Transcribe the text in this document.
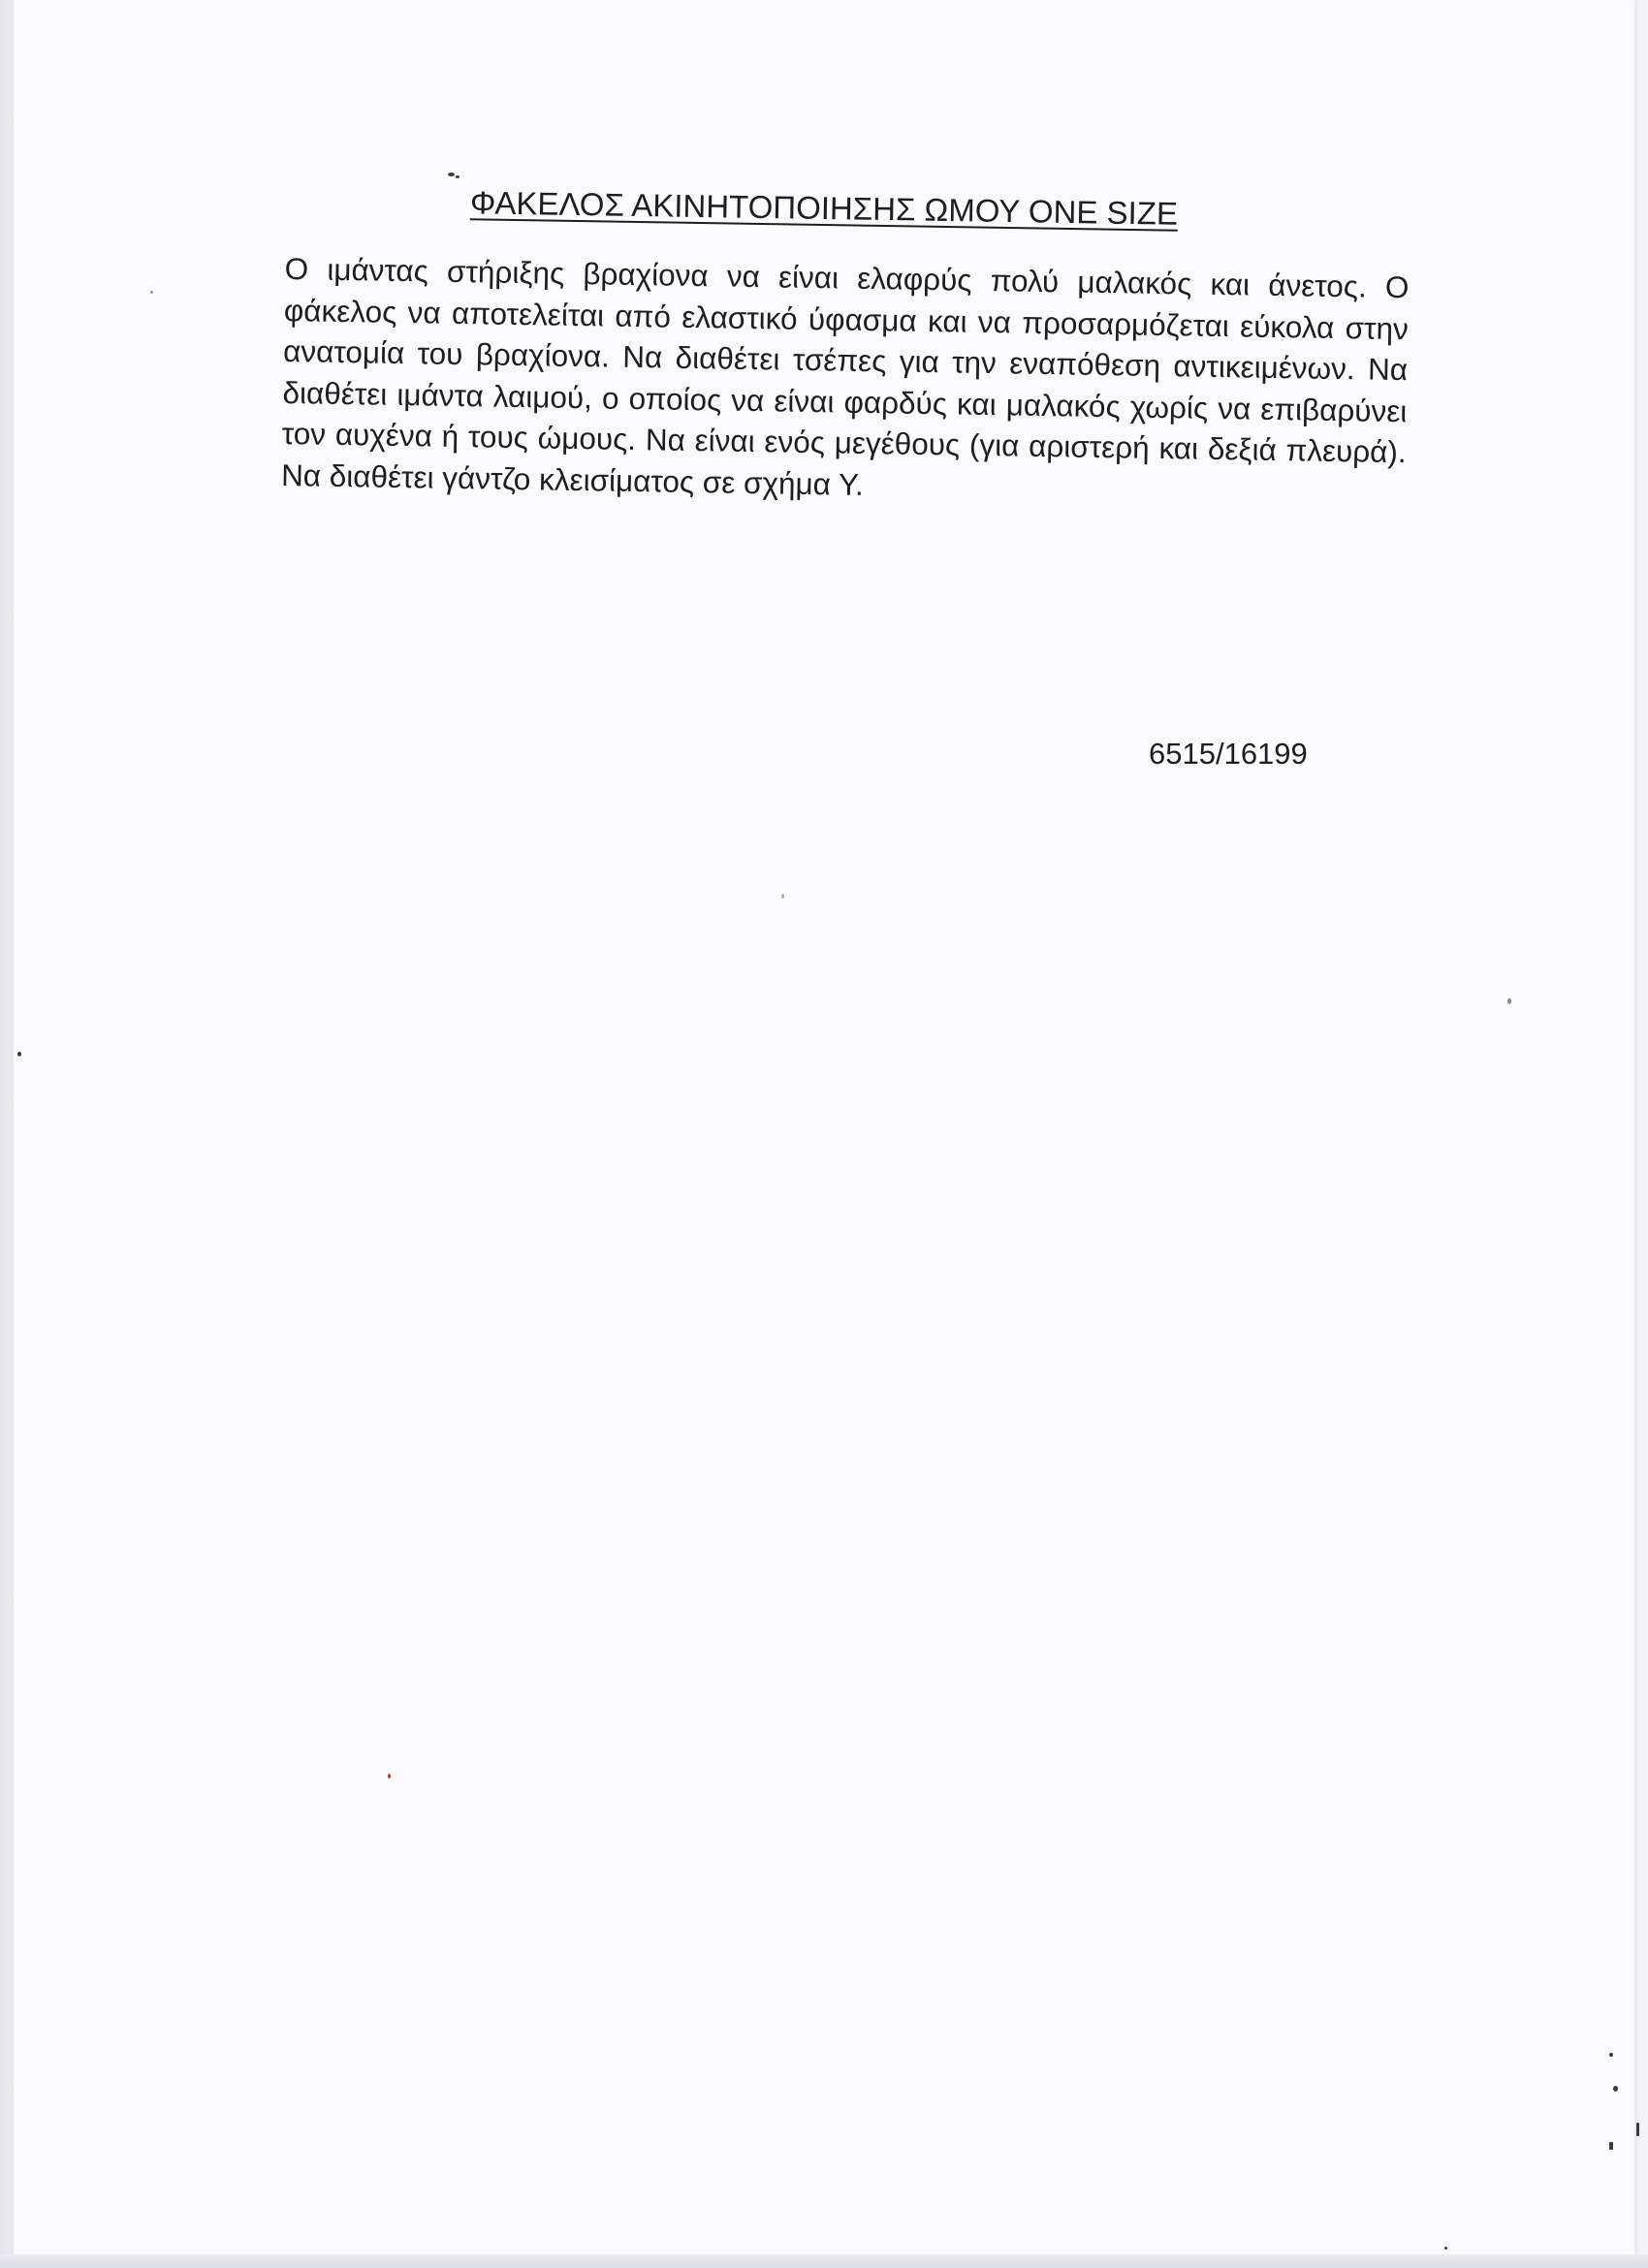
ΦΑΚΕΛΟΣ ΑΚΙΝΗΤΟΠΟΙΗΣΗΣ ΩΜΟΥ ONE SIZE
Ο ιμάντας στήριξης βραχίονα να είναι ελαφρύς πολύ μαλακός και άνετος. Ο φάκελος να αποτελείται από ελαστικό ύφασμα και να προσαρμόζεται εύκολα στην ανατομία του βραχίονα. Να διαθέτει τσέπες για την εναπόθεση αντικειμένων. Να διαθέτει ιμάντα λαιμού, ο οποίος να είναι φαρδύς και μαλακός χωρίς να επιβαρύνει τον αυχένα ή τους ώμους. Να είναι ενός μεγέθους (για αριστερή και δεξιά πλευρά). Να διαθέτει γάντζο κλεισίματος σε σχήμα Υ.
6515/16199
